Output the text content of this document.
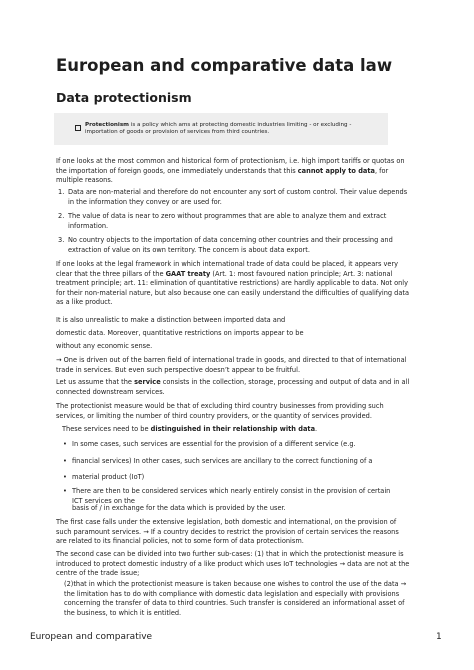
European and comparative data law
Data protectionism
Protectionism is a policy which ams at protecting domestic industries limiting - or excluding - importation of goods or provision of services from third countries.

If one looks at the most common and historical form of protectionism, i.e. high import tariffs or quotas on the importation of foreign goods, one immediately understands that this cannot apply to data, for multiple reasons.

1. Data are non-material and therefore do not encounter any sort of custom control. Their value depends in the information they convey or are used for.
2. The value of data is near to zero without programmes that are able to analyze them and extract information.
3. No country objects to the importation of data concerning other countries and their processing and extraction of value on its own territory. The concern is about data export.

If one looks at the legal framework in which international trade of data could be placed, it appears very clear that the three pillars of the GAAT treaty (Art. 1: most favoured nation principle; Art. 3: national treatment principle; art. 11: elimination of quantitative restrictions) are hardly applicable to data. Not only for their non-material nature, but also because one can easily understand the difficulties of qualifying data as a like product.

It is also unrealistic to make a distinction between imported data and

domestic data. Moreover, quantitative restrictions on imports appear to be

without any economic sense.

→ One is driven out of the barren field of international trade in goods, and directed to that of international trade in services. But even such perspective doesn’t appear to be fruitful.

Let us assume that the service consists in the collection, storage, processing and output of data and in all connected downstream services.

The protectionist measure would be that of excluding third country businesses from providing such services, or limiting the number of third country providers, or the quantity of services provided.

These services need to be distinguished in their relationship with data.

• In some cases, such services are essential for the provision of a different service (e.g.
• financial services) In other cases, such services are ancillary to the correct functioning of a
• material product (IoT)
• There are then to be considered services which nearly entirely consist in the provision of certain ICT services on the

basis of / in exchange for the data which is provided by the user.

The first case falls under the extensive legislation, both domestic and international, on the provision of such paramount services. → If a country decides to restrict the provision of certain services the reasons are related to its financial policies, not to some form of data protectionism.

The second case can be divided into two further sub-cases: (1) that in which the protectionist measure is introduced to protect domestic industry of a like product which uses IoT technologies → data are not at the centre of the trade issue;

(2)that in which the protectionist measure is taken because one wishes to control the use of the data → the limitation has to do with compliance with domestic data legislation and especially with provisions concerning the transfer of data to third countries. Such transfer is considered an informational asset of the business, to which it is entitled.

European and comparative	1
